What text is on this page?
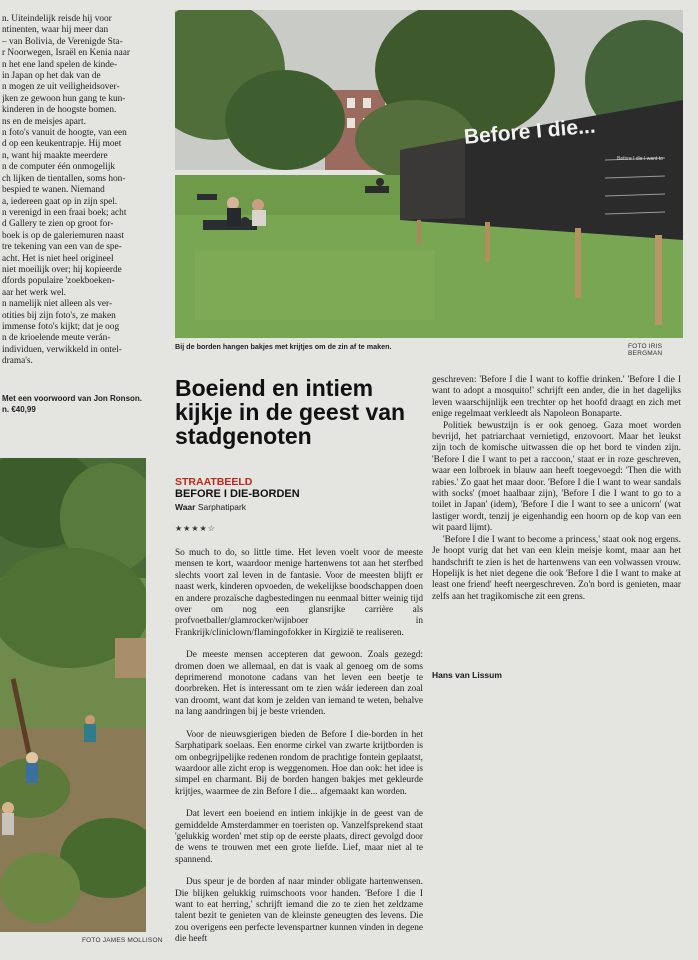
n. Uiteindelijk reisde hij voor

ntinenten, waar hij meer dan

– van Bolivia, de Verenigde Sta-

r Noorwegen, Israël en Kenia naar

n het ene land spelen de kinde-

in Japan op het dak van de

n mogen ze uit veiligheidsover-

jken ze gewoon hun gang te kun-

kinderen in de hoogste bomen.

ns en de meisjes apart.

n foto's vanuit de hoogte, van een

d op een keukentrapje. Hij moet

n, want hij maakte meerdere

n de computer één onmogelijk

ch lijken de tientallen, soms hon-

bespied te wanen. Niemand

a, iedereen gaat op in zijn spel.

n verenigd in een fraai boek; acht

d Gallery te zien op groot for-

boek is op de galeriemuren naast

tre tekening van een van de spe-

acht. Het is niet heel origineel

niet moeilijk over; hij kopieerde

dfords populaire 'zoekboeken-

aar het werk wel.

n namelijk niet alleen als ver-

otities bij zijn foto's, ze maken

immense foto's kijkt; dat je oog

n de krioelende meute verán-

individuen, verwikkeld in ontel-

drama's.

Met een voorwoord van Jon Ronson.
n. €40,99
FOTO JAMES MOLLISON
Before I die...
Before I die I want to
Bij de borden hangen bakjes met krijtjes om de zin af te maken.	FOTO IRIS BERGMAN
Boeiend en intiem kijkje in de geest van stadgenoten
STRAATBEELD
BEFORE I DIE-BORDEN
Waar Sarphatipark
★★★★☆

So much to do, so little time. Het leven voelt voor de meeste mensen te kort, waardoor menige hartenwens tot aan het sterfbed slechts voort zal leven in de fantasie. Voor de meesten blijft er naast werk, kinderen opvoeden, de wekelijkse boodschappen doen en andere prozaïsche dagbestedingen nu eenmaal bitter weinig tijd over om nog een glansrijke carrière als profvoetballer/glamrocker/wijnboer in Frankrijk/cliniclown/flamingofokker in Kirgizië te realiseren.

De meeste mensen accepteren dat gewoon. Zoals gezegd: dromen doen we allemaal, en dat is vaak al genoeg om de soms deprimerend monotone cadans van het leven een beetje te doorbreken. Het is interessant om te zien wáár iedereen dan zoal van droomt, want dat kom je zelden van iemand te weten, behalve na lang aandringen bij je beste vrienden.

Voor de nieuwsgierigen bieden de Before I die-borden in het Sarphatipark soelaas. Een enorme cirkel van zwarte krijtborden is om onbegrijpelijke redenen rondom de prachtige fontein geplaatst, waardoor alle zicht erop is weggenomen. Hoe dan ook: het idee is simpel en charmant. Bij de borden hangen bakjes met gekleurde krijtjes, waarmee de zin Before I die... afgemaakt kan worden.

Dat levert een boeiend en intiem inkijkje in de geest van de gemiddelde Amsterdammer en toeristen op. Vanzelfsprekend staat 'gelukkig worden' met stip op de eerste plaats, direct gevolgd door de wens te trouwen met een grote liefde. Lief, maar niet al te spannend.

Dus speur je de borden af naar minder obligate hartenwensen. Die blijken gelukkig ruimschoots voor handen. 'Before I die I want to eat herring,' schrijft iemand die zo te zien het zeldzame talent bezit te genieten van de kleinste geneugten des levens. Die zou overigens een perfecte levenspartner kunnen vinden in degene die heeft

geschreven: 'Before I die I want to koffie drinken.' 'Before I die I want to adopt a mosquito!' schrijft een ander, die in het dagelijks leven waarschijnlijk een trechter op het hoofd draagt en zich met enige regelmaat verkleedt als Napoleon Bonaparte.

Politiek bewustzijn is er ook genoeg. Gaza moet worden bevrijd, het patriarchaat vernietigd, enzovoort. Maar het leukst zijn toch de komische uitwassen die op het bord te vinden zijn. 'Before I die I want to pet a raccoon,' staat er in roze geschreven, waar een lolbroek in blauw aan heeft toegevoegd: 'Then die with rabies.' Zo gaat het maar door. 'Before I die I want to wear sandals with socks' (moet haalbaar zijn), 'Before I die I want to go to a toilet in Japan' (idem), 'Before I die I want to see a unicorn' (wat lastiger wordt, tenzij je eigenhandig een hoorn op de kop van een wit paard lijmt).

'Before I die I want to become a princess,' staat ook nog ergens. Je hoopt vurig dat het van een klein meisje komt, maar aan het handschrift te zien is het de hartenwens van een volwassen vrouw. Hopelijk is het niet degene die ook 'Before I die I want to make at least one friend' heeft neergeschreven. Zo'n bord is genieten, maar zelfs aan het tragikomische zit een grens.

Hans van Lissum
